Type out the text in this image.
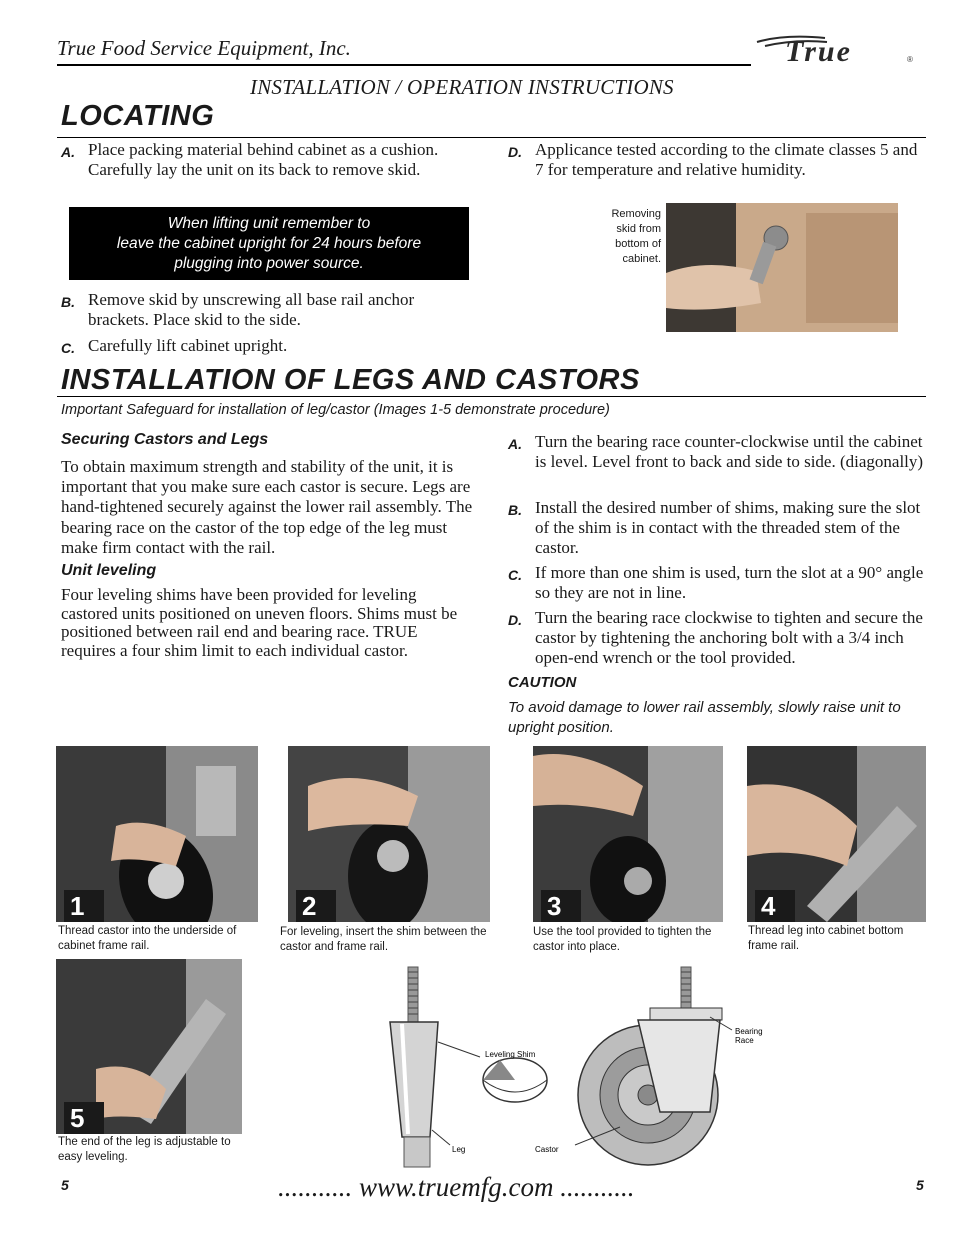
True Food Service Equipment, Inc.	True	®
INSTALLATION / OPERATION INSTRUCTIONS
LOCATING
A. Place packing material behind cabinet as a cushion. Carefully lay the unit on its back to remove skid.
When lifting unit remember to
leave the cabinet upright for 24 hours before
plugging into power source.
B. Remove skid by unscrewing all base rail anchor brackets. Place skid to the side.
C. Carefully lift cabinet upright.
D. Applicance tested according to the climate classes 5 and 7 for temperature and relative humidity.
Removing
skid from
bottom of
cabinet.
INSTALLATION OF LEGS AND CASTORS
Important Safeguard for installation of leg/castor (Images 1-5 demonstrate procedure)
Securing Castors and Legs
To obtain maximum strength and stability of the unit, it is important that you make sure each castor is secure. Legs are hand-tightened securely against the lower rail assembly. The bearing race on the castor of the top edge of the leg must make firm contact with the rail.
Unit leveling
Four leveling shims have been provided for leveling castored units positioned on uneven floors. Shims must be positioned between rail end and bearing race. TRUE requires a four shim limit to each individual castor.
A. Turn the bearing race counter-clockwise until the cabinet is level. Level front to back and side to side. (diagonally)
B. Install the desired number of shims, making sure the slot of the shim is in contact with the threaded stem of the castor.
C. If more than one shim is used, turn the slot at a 90° angle so they are not in line.
D. Turn the bearing race clockwise to tighten and secure the castor by tightening the anchoring bolt with a 3/4 inch open-end wrench or the tool provided.
CAUTION
To avoid damage to lower rail assembly, slowly raise unit to upright position.
1
Thread castor into the underside of cabinet frame rail.
2
For leveling, insert the shim between the castor and frame rail.
3
Use the tool provided to tighten the castor into place.
4
Thread leg into cabinet bottom frame rail.
5
The end of the leg is adjustable to easy leveling.
Leveling Shim
Leg	Castor
Bearing
Race
5	........... www.truemfg.com ...........	5
